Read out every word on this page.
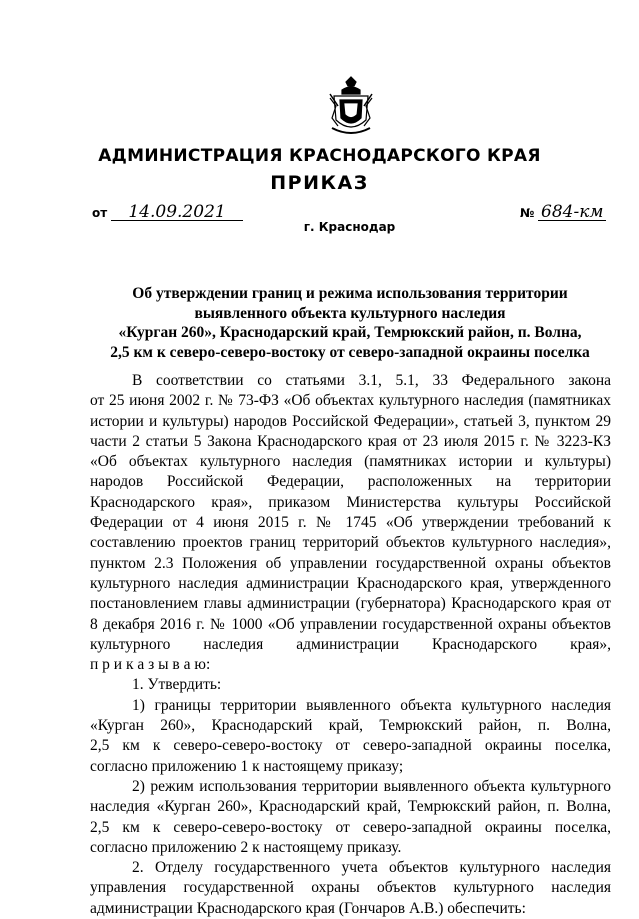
АДМИНИСТРАЦИЯ КРАСНОДАРСКОГО КРАЯ
ПРИКАЗ
от 14.09.2021	№ 684-км
г. Краснодар
Об утверждении границ и режима использования территории
выявленного объекта культурного наследия
«Курган 260», Краснодарский край, Темрюкский район, п. Волна,
2,5 км к северо-северо-востоку от северо-западной окраины поселка
В соответствии со статьями 3.1, 5.1, 33 Федерального закона
от 25 июня 2002 г. № 73-ФЗ «Об объектах культурного наследия (памятниках
истории и культуры) народов Российской Федерации», статьей 3, пунктом 29
части 2 статьи 5 Закона Краснодарского края от 23 июля 2015 г. № 3223-КЗ
«Об объектах культурного наследия (памятниках истории и культуры)
народов Российской Федерации, расположенных на территории
Краснодарского края», приказом Министерства культуры Российской
Федерации от 4 июня 2015 г. № 1745 «Об утверждении требований к
составлению проектов границ территорий объектов культурного наследия»,
пунктом 2.3 Положения об управлении государственной охраны объектов
культурного наследия администрации Краснодарского края, утвержденного
постановлением главы администрации (губернатора) Краснодарского края от
8 декабря 2016 г. № 1000 «Об управлении государственной охраны объектов
культурного наследия администрации Краснодарского края»,
п р и к а з ы в а ю:
1. Утвердить:
1) границы территории выявленного объекта культурного наследия
«Курган 260», Краснодарский край, Темрюкский район, п. Волна,
2,5 км к северо-северо-востоку от северо-западной окраины поселка,
согласно приложению 1 к настоящему приказу;
2) режим использования территории выявленного объекта культурного
наследия «Курган 260», Краснодарский край, Темрюкский район, п. Волна,
2,5 км к северо-северо-востоку от северо-западной окраины поселка,
согласно приложению 2 к настоящему приказу.
2. Отделу государственного учета объектов культурного наследия
управления государственной охраны объектов культурного наследия
администрации Краснодарского края (Гончаров А.В.) обеспечить:
